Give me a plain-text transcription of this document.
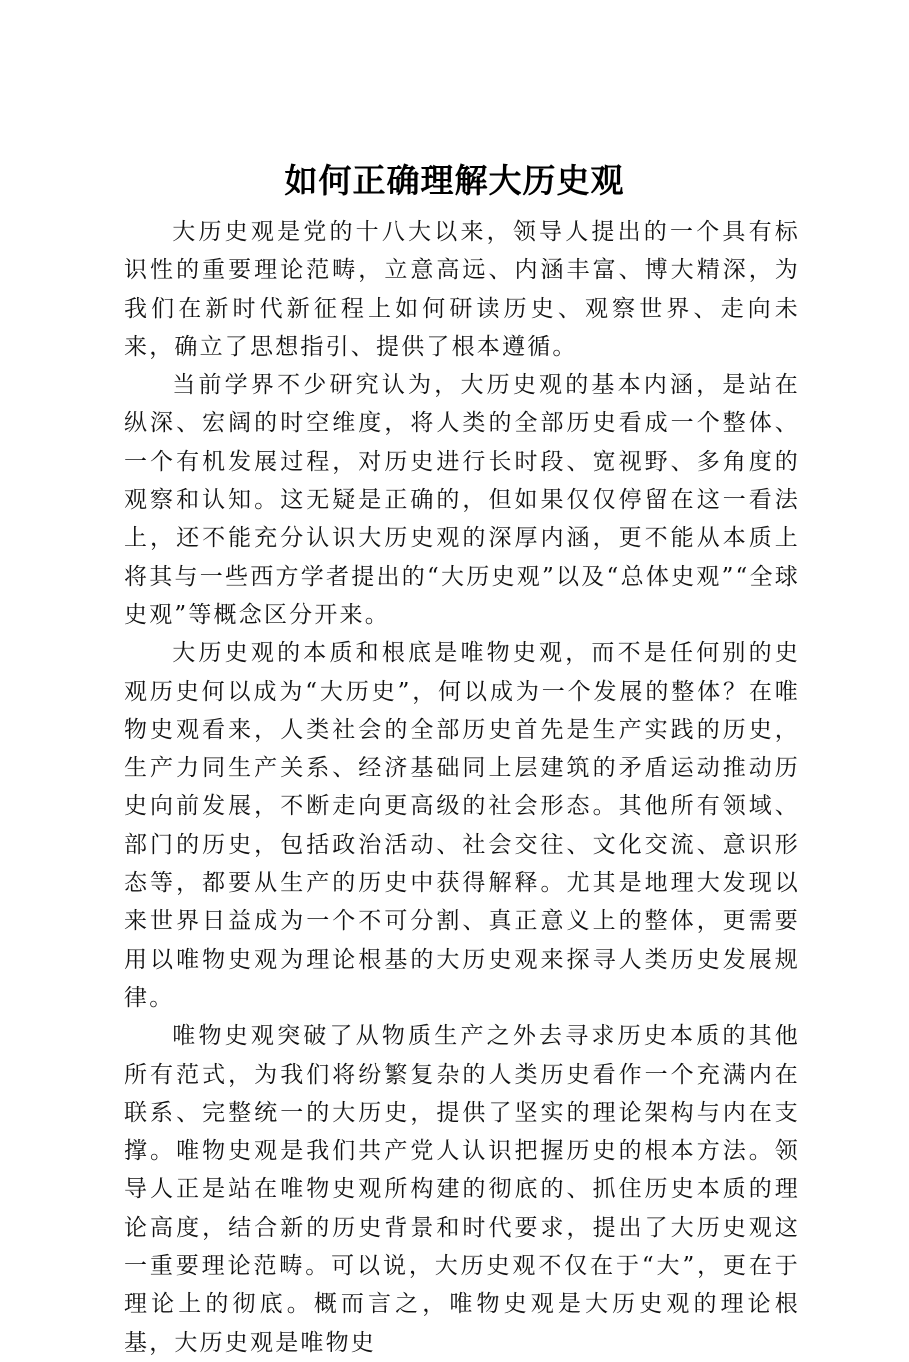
如何正确理解大历史观

大历史观是党的十八大以来，领导人提出的一个具有标识性的重要理论范畴，立意高远、内涵丰富、博大精深，为我们在新时代新征程上如何研读历史、观察世界、走向未来，确立了思想指引、提供了根本遵循。

当前学界不少研究认为，大历史观的基本内涵，是站在纵深、宏阔的时空维度，将人类的全部历史看成一个整体、一个有机发展过程，对历史进行长时段、宽视野、多角度的观察和认知。这无疑是正确的，但如果仅仅停留在这一看法上，还不能充分认识大历史观的深厚内涵，更不能从本质上将其与一些西方学者提出的“大历史观”以及“总体史观”“全球史观”等概念区分开来。

大历史观的本质和根底是唯物史观，而不是任何别的史观历史何以成为“大历史”，何以成为一个发展的整体？在唯物史观看来，人类社会的全部历史首先是生产实践的历史，生产力同生产关系、经济基础同上层建筑的矛盾运动推动历史向前发展，不断走向更高级的社会形态。其他所有领域、部门的历史，包括政治活动、社会交往、文化交流、意识形态等，都要从生产的历史中获得解释。尤其是地理大发现以来世界日益成为一个不可分割、真正意义上的整体，更需要用以唯物史观为理论根基的大历史观来探寻人类历史发展规律。

唯物史观突破了从物质生产之外去寻求历史本质的其他所有范式，为我们将纷繁复杂的人类历史看作一个充满内在联系、完整统一的大历史，提供了坚实的理论架构与内在支撑。唯物史观是我们共产党人认识把握历史的根本方法。领导人正是站在唯物史观所构建的彻底的、抓住历史本质的理论高度，结合新的历史背景和时代要求，提出了大历史观这一重要理论范畴。可以说，大历史观不仅在于“大”，更在于理论上的彻底。概而言之，唯物史观是大历史观的理论根基，大历史观是唯物史
